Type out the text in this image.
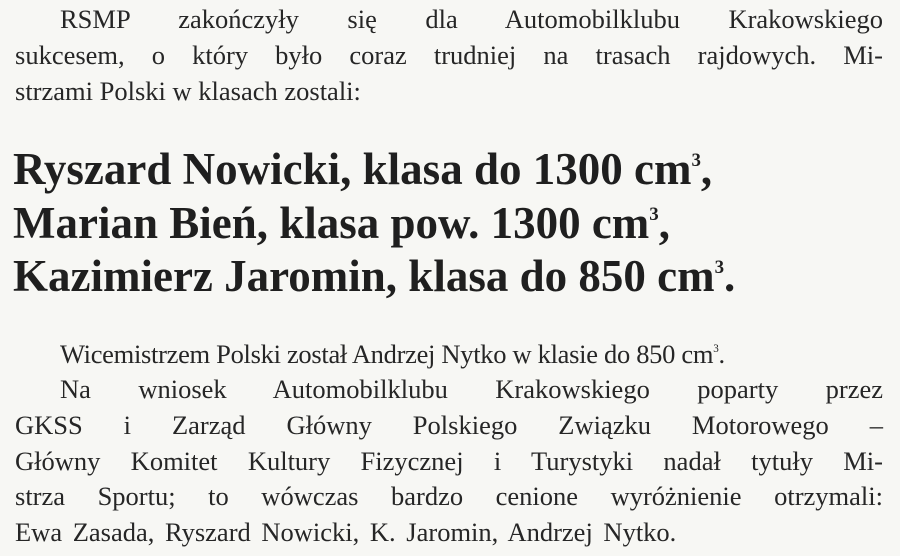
RSMP zakończyły się dla Automobilklubu Krakowskiego
sukcesem, o który było coraz trudniej na trasach rajdowych. Mi-
strzami Polski w klasach zostali:
Ryszard Nowicki, klasa do 1300 $cm^3$,
Marian Bień, klasa pow. 1300 $cm^3$,
Kazimierz Jaromin, klasa do 850 $cm^3$.
Wicemistrzem Polski został Andrzej Nytko w klasie do 850 $cm^3$.
Na wniosek Automobilklubu Krakowskiego poparty przez
GKSS i Zarząd Główny Polskiego Związku Motorowego –
Główny Komitet Kultury Fizycznej i Turystyki nadał tytuły Mi-
strza Sportu; to wówczas bardzo cenione wyróżnienie otrzymali:
Ewa Zasada, Ryszard Nowicki, K. Jaromin, Andrzej Nytko.
